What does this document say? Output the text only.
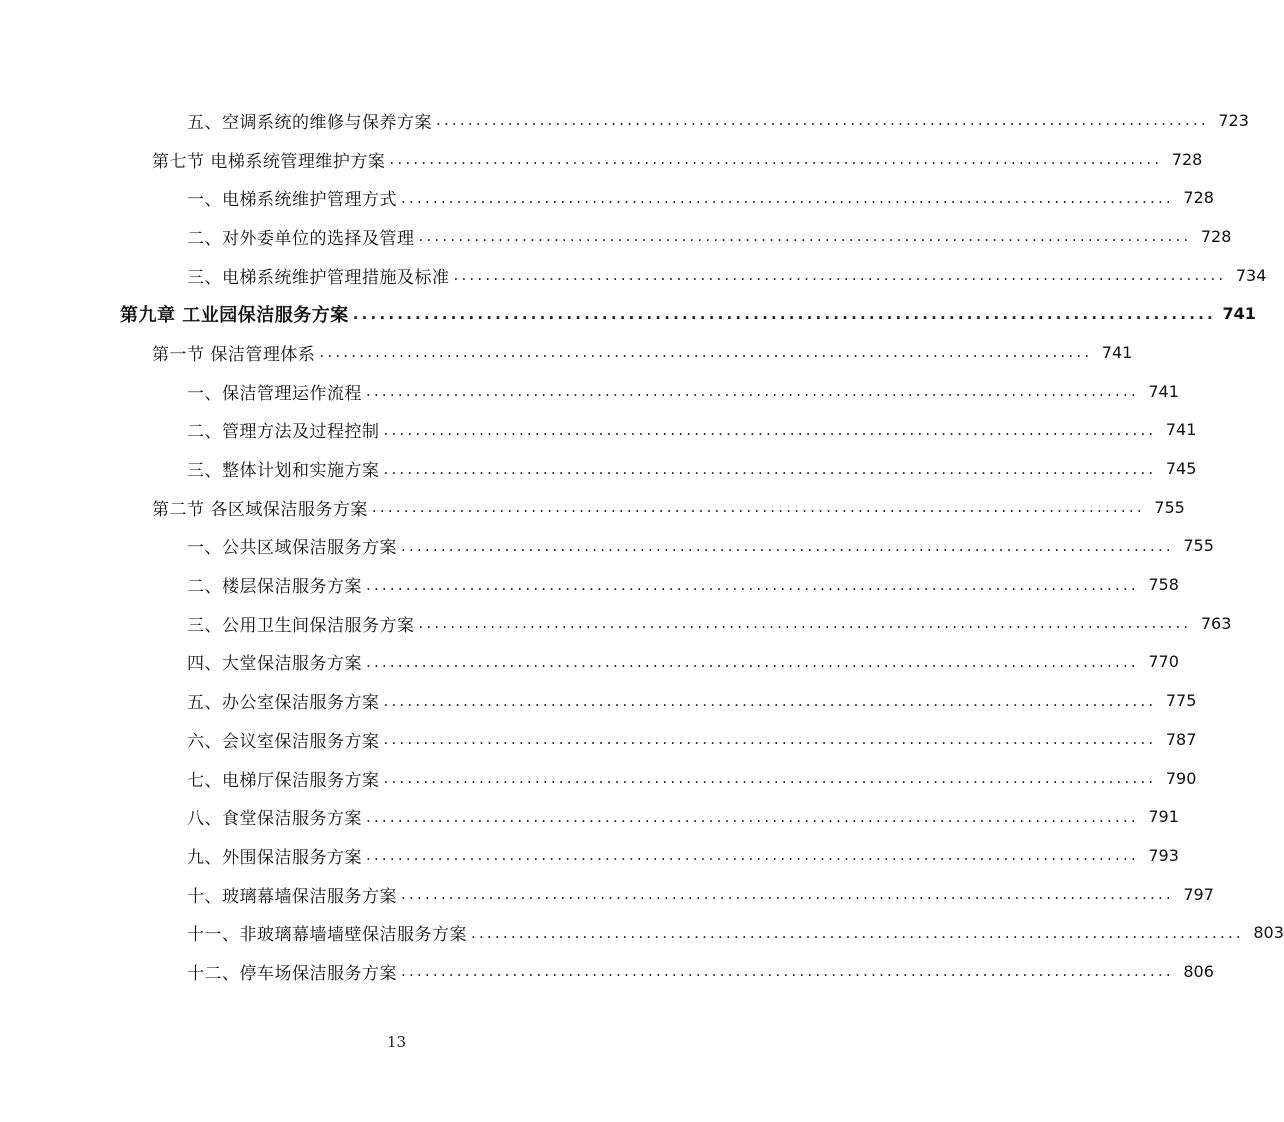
五、空调系统的维修与保养方案 ................................................................................................. 723
第七节 电梯系统管理维护方案 ................................................................................................. 728
一、电梯系统维护管理方式 ................................................................................................. 728
二、对外委单位的选择及管理 ................................................................................................. 728
三、电梯系统维护管理措施及标准 ................................................................................................. 734
第九章 工业园保洁服务方案 ................................................................................................. 741
第一节 保洁管理体系 ................................................................................................. 741
一、保洁管理运作流程 ................................................................................................. 741
二、管理方法及过程控制 ................................................................................................. 741
三、整体计划和实施方案 ................................................................................................. 745
第二节 各区域保洁服务方案 ................................................................................................. 755
一、公共区域保洁服务方案 ................................................................................................. 755
二、楼层保洁服务方案 ................................................................................................. 758
三、公用卫生间保洁服务方案 ................................................................................................. 763
四、大堂保洁服务方案 ................................................................................................. 770
五、办公室保洁服务方案 ................................................................................................. 775
六、会议室保洁服务方案 ................................................................................................. 787
七、电梯厅保洁服务方案 ................................................................................................. 790
八、食堂保洁服务方案 ................................................................................................. 791
九、外围保洁服务方案 ................................................................................................. 793
十、玻璃幕墙保洁服务方案 ................................................................................................. 797
十一、非玻璃幕墙墙壁保洁服务方案 ................................................................................................. 803
十二、停车场保洁服务方案 ................................................................................................. 806
13
